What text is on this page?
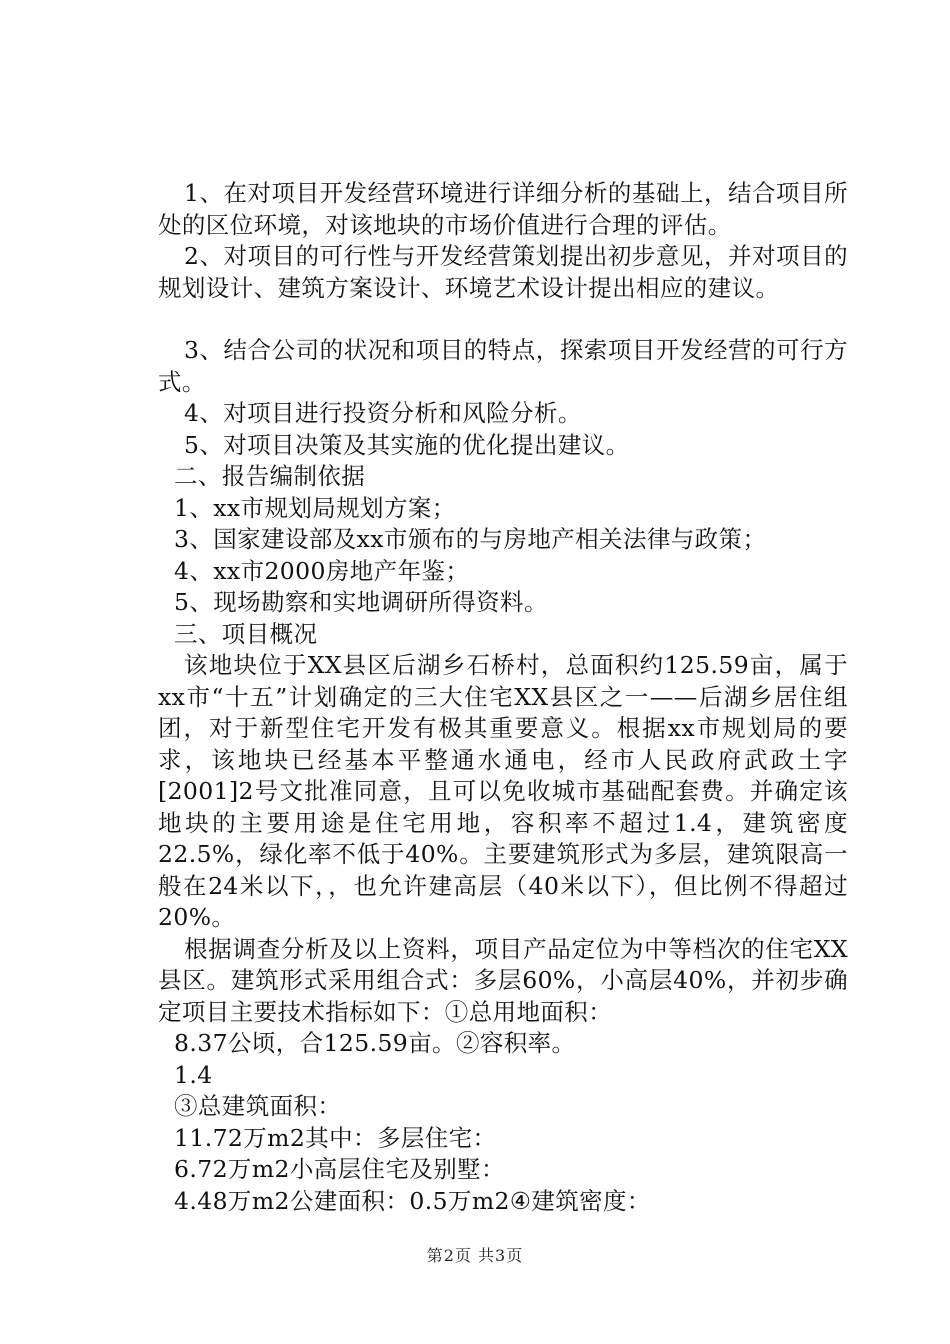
1、在对项目开发经营环境进行详细分析的基础上，结合项目所处的区位环境，对该地块的市场价值进行合理的评估。

2、对项目的可行性与开发经营策划提出初步意见，并对项目的规划设计、建筑方案设计、环境艺术设计提出相应的建议。

3、结合公司的状况和项目的特点，探索项目开发经营的可行方式。

4、对项目进行投资分析和风险分析。

5、对项目决策及其实施的优化提出建议。

二、报告编制依据

1、xx市规划局规划方案；

3、国家建设部及xx市颁布的与房地产相关法律与政策；

4、xx市2000房地产年鉴；

5、现场勘察和实地调研所得资料。

三、项目概况

该地块位于XX县区后湖乡石桥村，总面积约125.59亩，属于xx市“十五”计划确定的三大住宅XX县区之一——后湖乡居住组团，对于新型住宅开发有极其重要意义。根据xx市规划局的要求，该地块已经基本平整通水通电，经市人民政府武政土字[2001]2号文批准同意，且可以免收城市基础配套费。并确定该地块的主要用途是住宅用地，容积率不超过1.4，建筑密度22.5%，绿化率不低于40%。主要建筑形式为多层，建筑限高一般在24米以下，，也允许建高层（40米以下），但比例不得超过20%。

根据调查分析及以上资料，项目产品定位为中等档次的住宅XX县区。建筑形式采用组合式：多层60%，小高层40%，并初步确定项目主要技术指标如下：①总用地面积：

8.37公顷，合125.59亩。②容积率。

1.4

③总建筑面积：

11.72万m2其中：多层住宅：

6.72万m2小高层住宅及别墅：

4.48万m2公建面积：0.5万m2④建筑密度：

第2页 共3页
